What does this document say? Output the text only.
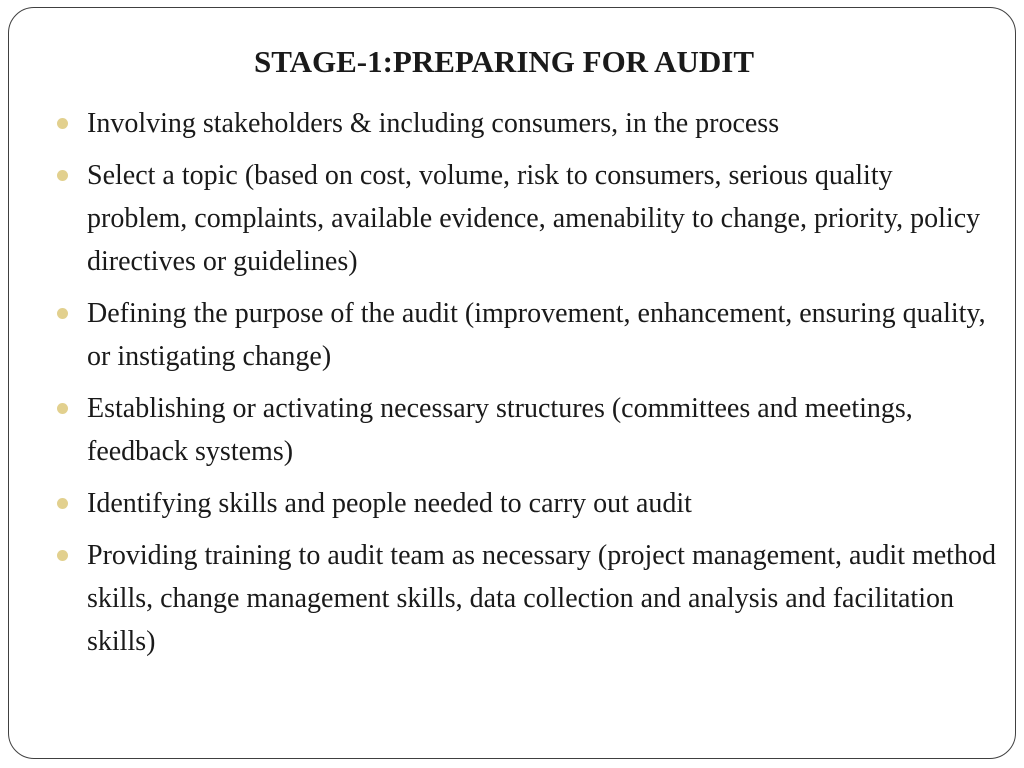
STAGE-1:PREPARING FOR AUDIT
Involving stakeholders & including consumers, in the process
Select a topic (based on cost, volume, risk to consumers, serious quality problem, complaints, available evidence, amenability to change, priority, policy directives or guidelines)
Defining the purpose of the audit (improvement, enhancement, ensuring quality, or instigating change)
Establishing or activating necessary structures (committees and meetings, feedback systems)
Identifying skills and people needed to carry out audit
Providing training to audit team as necessary (project management, audit method skills, change management skills, data collection and analysis and facilitation skills)
